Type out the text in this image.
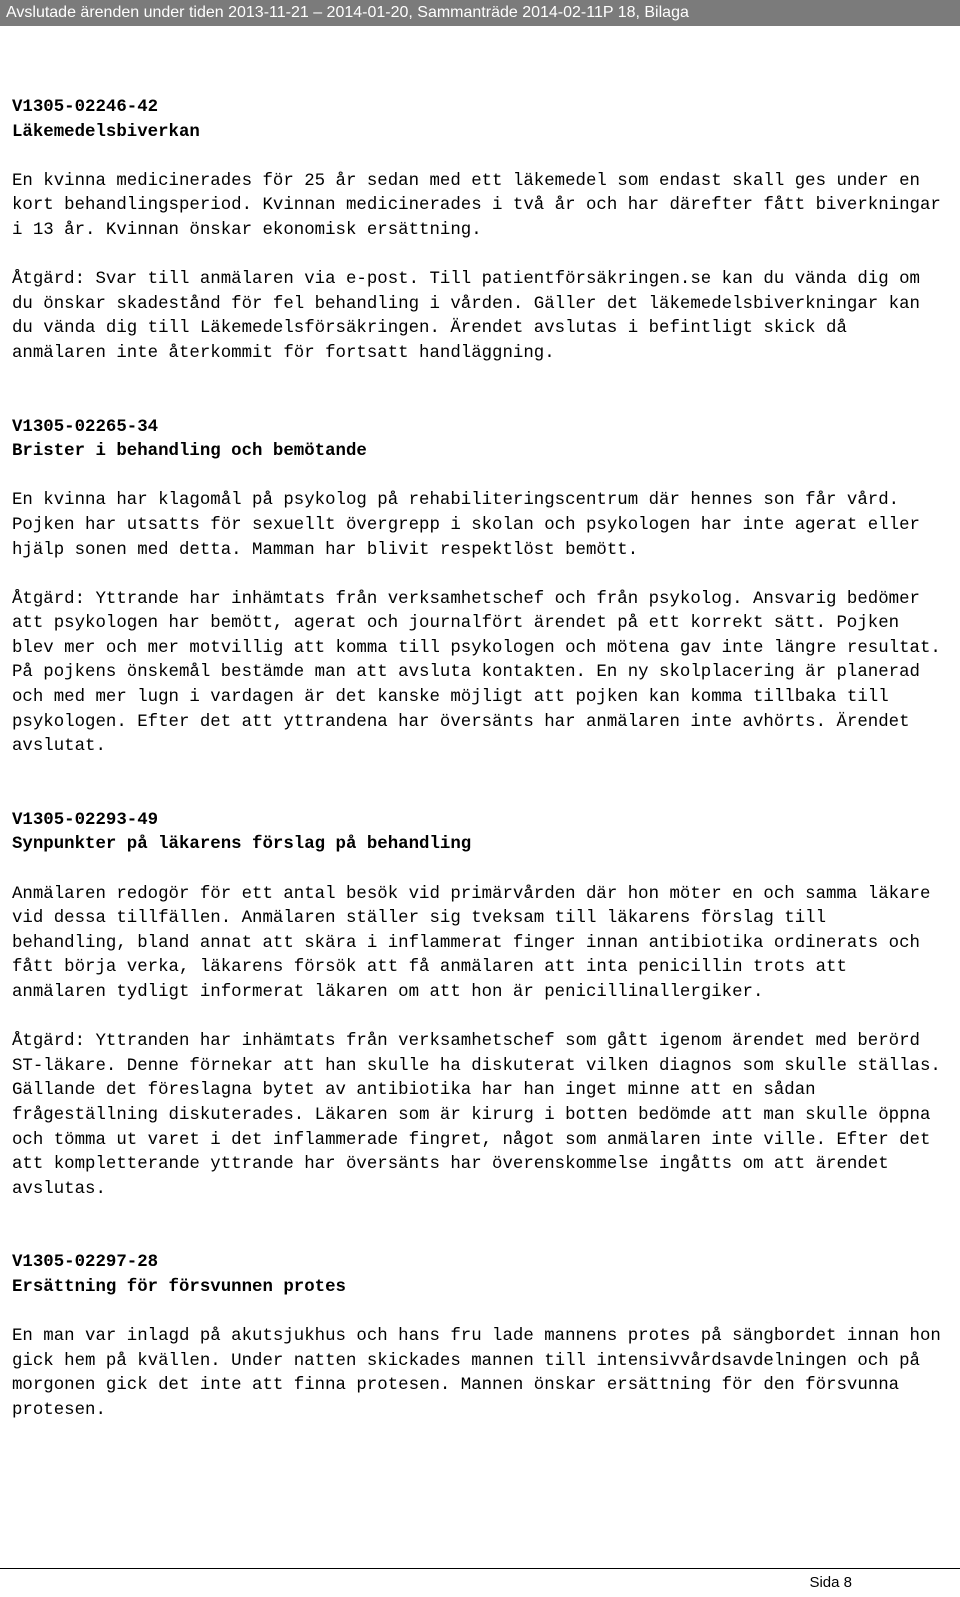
Avslutade ärenden under tiden 2013-11-21 – 2014-01-20, Sammanträde 2014-02-11P 18, Bilaga
V1305-02246-42
Läkemedelsbiverkan

En kvinna medicinerades för 25 år sedan med ett läkemedel som endast skall ges under en kort behandlingsperiod. Kvinnan medicinerades i två år och har därefter fått biverkningar i 13 år. Kvinnan önskar ekonomisk ersättning.

Åtgärd: Svar till anmälaren via e-post. Till patientförsäkringen.se kan du vända dig om du önskar skadestånd för fel behandling i vården. Gäller det läkemedelsbiverkningar kan du vända dig till Läkemedelsförsäkringen. Ärendet avslutas i befintligt skick då anmälaren inte återkommit för fortsatt handläggning.

V1305-02265-34
Brister i behandling och bemötande

En kvinna har klagomål på psykolog på rehabiliteringscentrum där hennes son får vård. Pojken har utsatts för sexuellt övergrepp i skolan och psykologen har inte agerat eller hjälp sonen med detta. Mamman har blivit respektlöst bemött.

Åtgärd: Yttrande har inhämtats från verksamhetschef och från psykolog. Ansvarig bedömer att psykologen har bemött, agerat och journalfört ärendet på ett korrekt sätt. Pojken blev mer och mer motvillig att komma till psykologen och mötena gav inte längre resultat. På pojkens önskemål bestämde man att avsluta kontakten. En ny skolplacering är planerad och med mer lugn i vardagen är det kanske möjligt att pojken kan komma tillbaka till psykologen. Efter det att yttrandena har översänts har anmälaren inte avhörts. Ärendet avslutat.

V1305-02293-49
Synpunkter på läkarens förslag på behandling

Anmälaren redogör för ett antal besök vid primärvården där hon möter en och samma läkare vid dessa tillfällen. Anmälaren ställer sig tveksam till läkarens förslag till behandling, bland annat att skära i inflammerat finger innan antibiotika ordinerats och fått börja verka, läkarens försök att få anmälaren att inta penicillin trots att anmälaren tydligt informerat läkaren om att hon är penicillinallergiker.

Åtgärd: Yttranden har inhämtats från verksamhetschef som gått igenom ärendet med berörd ST-läkare. Denne förnekar att han skulle ha diskuterat vilken diagnos som skulle ställas. Gällande det föreslagna bytet av antibiotika har han inget minne att en sådan frågeställning diskuterades. Läkaren som är kirurg i botten bedömde att man skulle öppna och tömma ut varet i det inflammerade fingret, något som anmälaren inte ville. Efter det att kompletterande yttrande har översänts har överenskommelse ingåtts om att ärendet avslutas.

V1305-02297-28
Ersättning för försvunnen protes

En man var inlagd på akutsjukhus och hans fru lade mannens protes på sängbordet innan hon gick hem på kvällen. Under natten skickades mannen till intensivvårdsavdelningen och på morgonen gick det inte att finna protesen. Mannen önskar ersättning för den försvunna protesen.

Sida 8
